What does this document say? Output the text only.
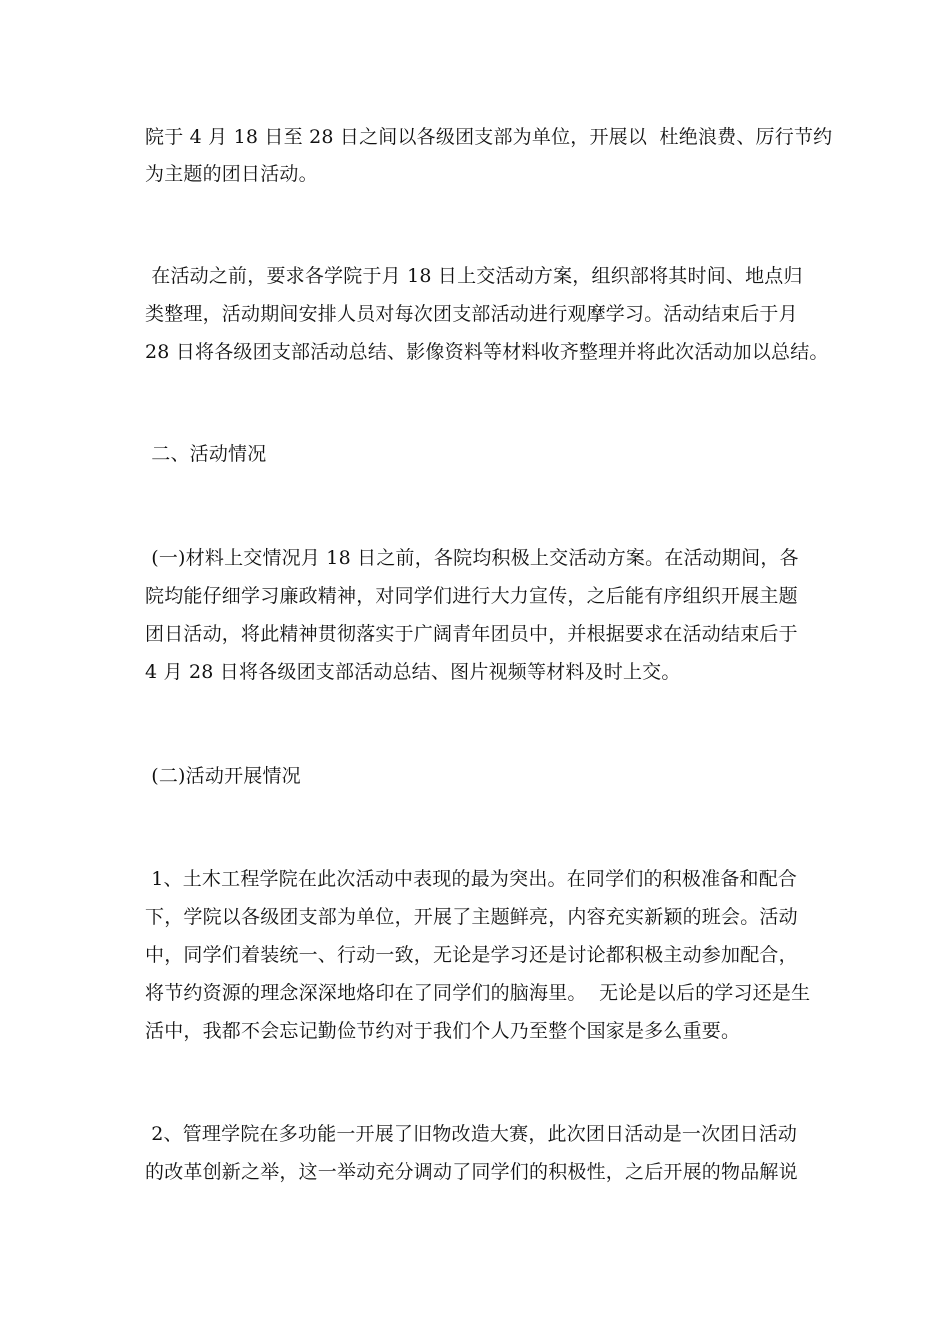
院于 4 月 18 日至 28 日之间以各级团支部为单位，开展以  杜绝浪费、厉行节约
为主题的团日活动。
在活动之前，要求各学院于月 18 日上交活动方案，组织部将其时间、地点归
类整理，活动期间安排人员对每次团支部活动进行观摩学习。活动结束后于月
28 日将各级团支部活动总结、影像资料等材料收齐整理并将此次活动加以总结。
二、活动情况
(一)材料上交情况月 18 日之前，各院均积极上交活动方案。在活动期间，各
院均能仔细学习廉政精神，对同学们进行大力宣传，之后能有序组织开展主题
团日活动，将此精神贯彻落实于广阔青年团员中，并根据要求在活动结束后于
4 月 28 日将各级团支部活动总结、图片视频等材料及时上交。
(二)活动开展情况
1、土木工程学院在此次活动中表现的最为突出。在同学们的积极准备和配合
下，学院以各级团支部为单位，开展了主题鲜亮，内容充实新颖的班会。活动
中，同学们着装统一、行动一致，无论是学习还是讨论都积极主动参加配合，
将节约资源的理念深深地烙印在了同学们的脑海里。  无论是以后的学习还是生
活中，我都不会忘记勤俭节约对于我们个人乃至整个国家是多么重要。
2、管理学院在多功能一开展了旧物改造大赛，此次团日活动是一次团日活动
的改革创新之举，这一举动充分调动了同学们的积极性，之后开展的物品解说
